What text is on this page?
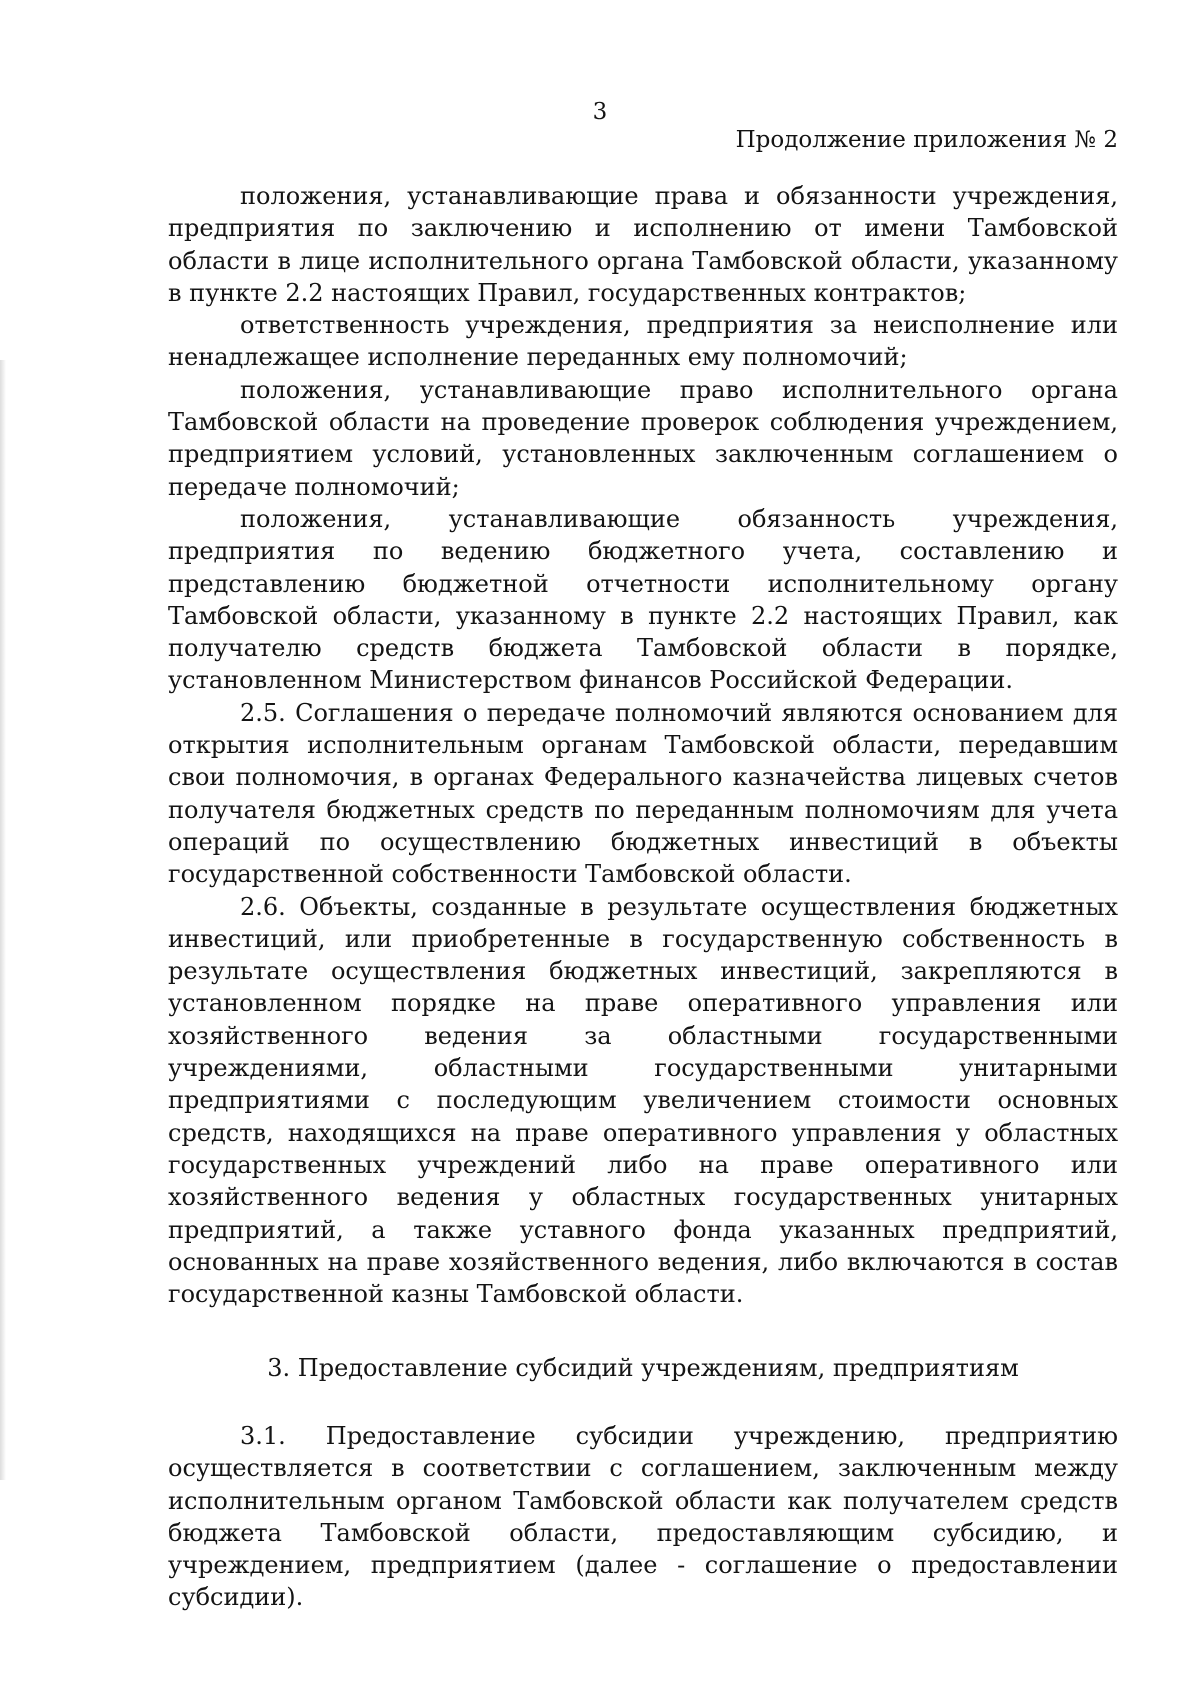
3
Продолжение приложения № 2

положения, устанавливающие права и обязанности учреждения, предприятия по заключению и исполнению от имени Тамбовской области в лице исполнительного органа Тамбовской области, указанному в пункте 2.2 настоящих Правил, государственных контрактов;

ответственность учреждения, предприятия за неисполнение или ненадлежащее исполнение переданных ему полномочий;

положения, устанавливающие право исполнительного органа Тамбовской области на проведение проверок соблюдения учреждением, предприятием условий, установленных заключенным соглашением о передаче полномочий;

положения, устанавливающие обязанность учреждения, предприятия по ведению бюджетного учета, составлению и представлению бюджетной отчетности исполнительному органу Тамбовской области, указанному в пункте 2.2 настоящих Правил, как получателю средств бюджета Тамбовской области в порядке, установленном Министерством финансов Российской Федерации.

2.5. Соглашения о передаче полномочий являются основанием для открытия исполнительным органам Тамбовской области, передавшим свои полномочия, в органах Федерального казначейства лицевых счетов получателя бюджетных средств по переданным полномочиям для учета операций по осуществлению бюджетных инвестиций в объекты государственной собственности Тамбовской области.

2.6. Объекты, созданные в результате осуществления бюджетных инвестиций, или приобретенные в государственную собственность в результате осуществления бюджетных инвестиций, закрепляются в установленном порядке на праве оперативного управления или хозяйственного ведения за областными государственными учреждениями, областными государственными унитарными предприятиями с последующим увеличением стоимости основных средств, находящихся на праве оперативного управления у областных государственных учреждений либо на праве оперативного или хозяйственного ведения у областных государственных унитарных предприятий, а также уставного фонда указанных предприятий, основанных на праве хозяйственного ведения, либо включаются в состав государственной казны Тамбовской области.

3. Предоставление субсидий учреждениям, предприятиям

3.1. Предоставление субсидии учреждению, предприятию осуществляется в соответствии с соглашением, заключенным между исполнительным органом Тамбовской области как получателем средств бюджета Тамбовской области, предоставляющим субсидию, и учреждением, предприятием (далее - соглашение о предоставлении субсидии).
